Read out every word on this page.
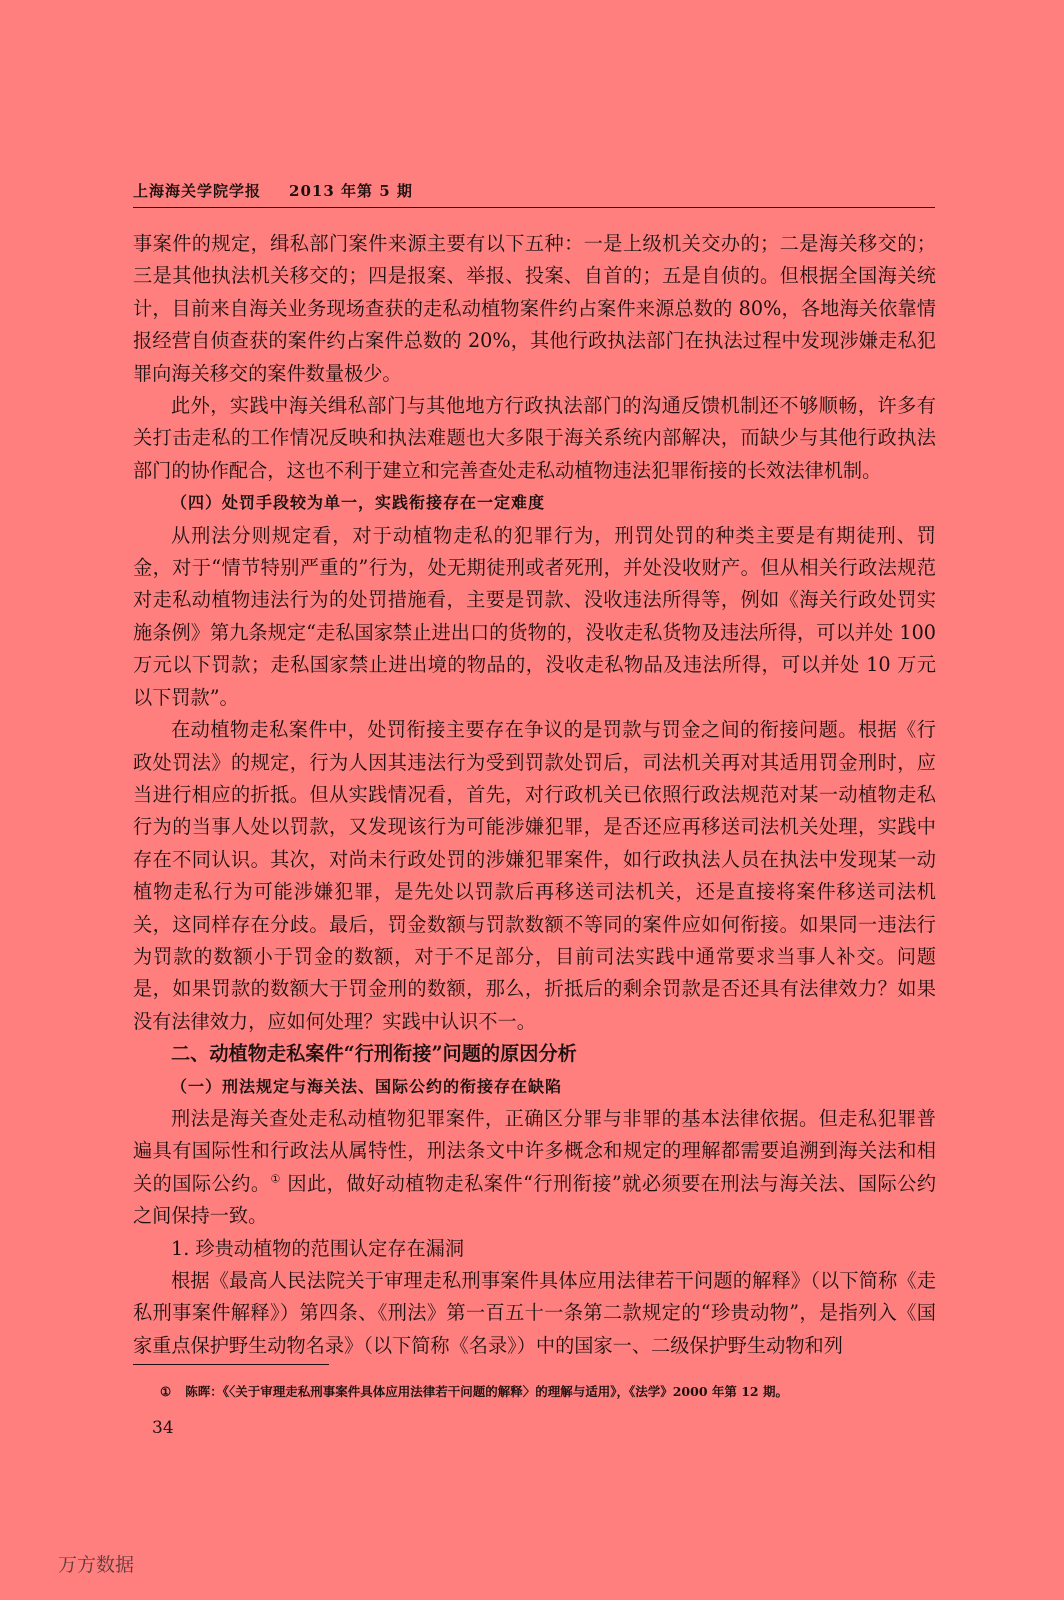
上海海关学院学报 2013 年第 5 期

事案件的规定，缉私部门案件来源主要有以下五种：一是上级机关交办的；二是海关移交的；三是其他执法机关移交的；四是报案、举报、投案、自首的；五是自侦的。但根据全国海关统计，目前来自海关业务现场查获的走私动植物案件约占案件来源总数的 80%，各地海关依靠情报经营自侦查获的案件约占案件总数的 20%，其他行政执法部门在执法过程中发现涉嫌走私犯罪向海关移交的案件数量极少。

此外，实践中海关缉私部门与其他地方行政执法部门的沟通反馈机制还不够顺畅，许多有关打击走私的工作情况反映和执法难题也大多限于海关系统内部解决，而缺少与其他行政执法部门的协作配合，这也不利于建立和完善查处走私动植物违法犯罪衔接的长效法律机制。

（四）处罚手段较为单一，实践衔接存在一定难度

从刑法分则规定看，对于动植物走私的犯罪行为，刑罚处罚的种类主要是有期徒刑、罚金，对于“情节特别严重的”行为，处无期徒刑或者死刑，并处没收财产。但从相关行政法规范对走私动植物违法行为的处罚措施看，主要是罚款、没收违法所得等，例如《海关行政处罚实施条例》第九条规定“走私国家禁止进出口的货物的，没收走私货物及违法所得，可以并处 100 万元以下罚款；走私国家禁止进出境的物品的，没收走私物品及违法所得，可以并处 10 万元以下罚款”。

在动植物走私案件中，处罚衔接主要存在争议的是罚款与罚金之间的衔接问题。根据《行政处罚法》的规定，行为人因其违法行为受到罚款处罚后，司法机关再对其适用罚金刑时，应当进行相应的折抵。但从实践情况看，首先，对行政机关已依照行政法规范对某一动植物走私行为的当事人处以罚款，又发现该行为可能涉嫌犯罪，是否还应再移送司法机关处理，实践中存在不同认识。其次，对尚未行政处罚的涉嫌犯罪案件，如行政执法人员在执法中发现某一动植物走私行为可能涉嫌犯罪，是先处以罚款后再移送司法机关，还是直接将案件移送司法机关，这同样存在分歧。最后，罚金数额与罚款数额不等同的案件应如何衔接。如果同一违法行为罚款的数额小于罚金的数额，对于不足部分，目前司法实践中通常要求当事人补交。问题是，如果罚款的数额大于罚金刑的数额，那么，折抵后的剩余罚款是否还具有法律效力？如果没有法律效力，应如何处理？实践中认识不一。

二、动植物走私案件“行刑衔接”问题的原因分析

（一）刑法规定与海关法、国际公约的衔接存在缺陷

刑法是海关查处走私动植物犯罪案件，正确区分罪与非罪的基本法律依据。但走私犯罪普遍具有国际性和行政法从属特性，刑法条文中许多概念和规定的理解都需要追溯到海关法和相关的国际公约。① 因此，做好动植物走私案件“行刑衔接”就必须要在刑法与海关法、国际公约之间保持一致。

1. 珍贵动植物的范围认定存在漏洞

根据《最高人民法院关于审理走私刑事案件具体应用法律若干问题的解释》（以下简称《走私刑事案件解释》）第四条、《刑法》第一百五十一条第二款规定的“珍贵动物”，是指列入《国家重点保护野生动物名录》（以下简称《名录》）中的国家一、二级保护野生动物和列

① 陈晖：《〈关于审理走私刑事案件具体应用法律若干问题的解释〉的理解与适用》，《法学》2000 年第 12 期。
34
万方数据
